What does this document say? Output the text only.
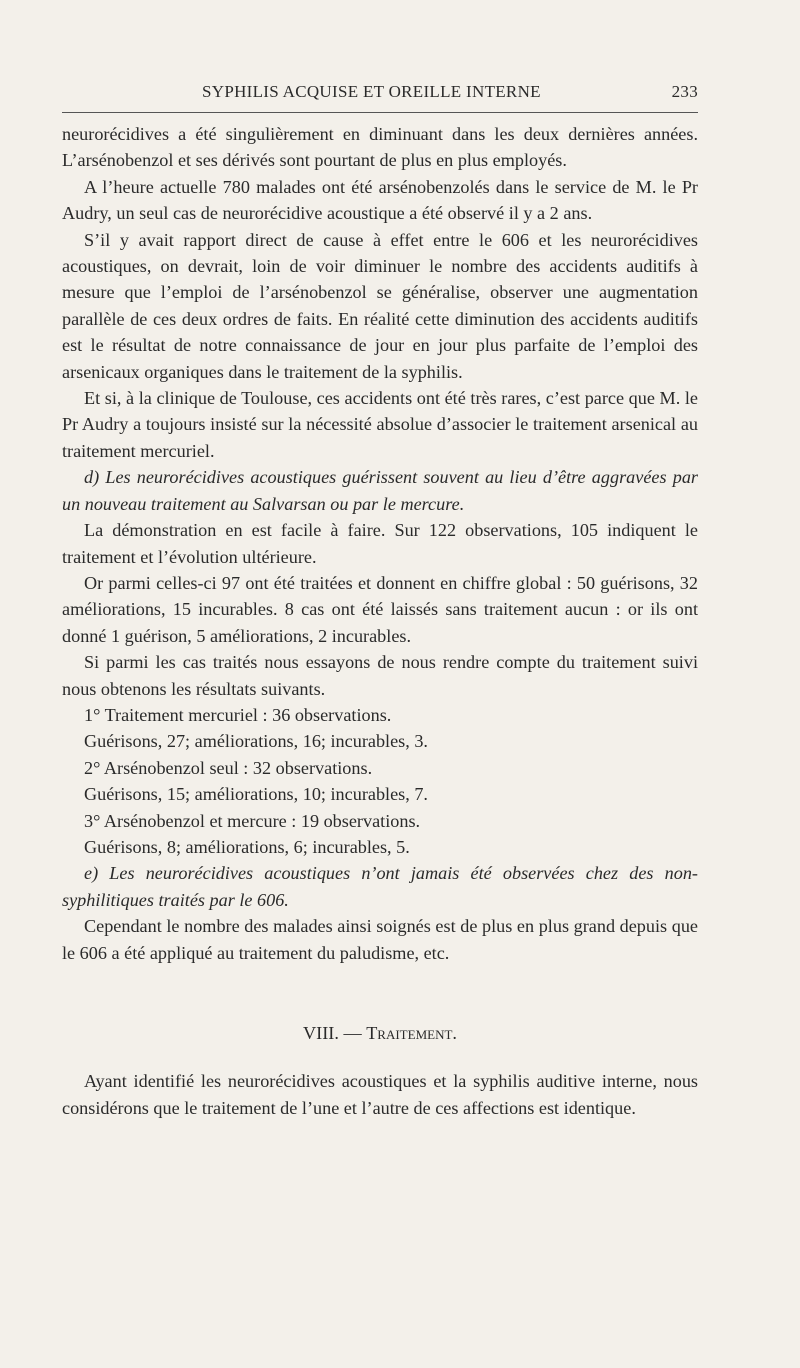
SYPHILIS ACQUISE ET OREILLE INTERNE	233

neurorécidives a été singulièrement en diminuant dans les deux dernières années. L’arsénobenzol et ses dérivés sont pourtant de plus en plus employés.

A l’heure actuelle 780 malades ont été arsénobenzolés dans le service de M. le Pr Audry, un seul cas de neurorécidive acoustique a été observé il y a 2 ans.

S’il y avait rapport direct de cause à effet entre le 606 et les neurorécidives acoustiques, on devrait, loin de voir diminuer le nombre des accidents auditifs à mesure que l’emploi de l’arsénobenzol se généralise, observer une augmentation parallèle de ces deux ordres de faits. En réalité cette diminution des accidents auditifs est le résultat de notre connaissance de jour en jour plus parfaite de l’emploi des arsenicaux organiques dans le traitement de la syphilis.

Et si, à la clinique de Toulouse, ces accidents ont été très rares, c’est parce que M. le Pr Audry a toujours insisté sur la nécessité absolue d’associer le traitement arsenical au traitement mercuriel.

d) Les neurorécidives acoustiques guérissent souvent au lieu d’être aggravées par un nouveau traitement au Salvarsan ou par le mercure.

La démonstration en est facile à faire. Sur 122 observations, 105 indiquent le traitement et l’évolution ultérieure.

Or parmi celles-ci 97 ont été traitées et donnent en chiffre global : 50 guérisons, 32 améliorations, 15 incurables. 8 cas ont été laissés sans traitement aucun : or ils ont donné 1 guérison, 5 améliorations, 2 incurables.

Si parmi les cas traités nous essayons de nous rendre compte du traitement suivi nous obtenons les résultats suivants.

1° Traitement mercuriel : 36 observations.

Guérisons, 27; améliorations, 16; incurables, 3.

2° Arsénobenzol seul : 32 observations.

Guérisons, 15; améliorations, 10; incurables, 7.

3° Arsénobenzol et mercure : 19 observations.

Guérisons, 8; améliorations, 6; incurables, 5.

e) Les neurorécidives acoustiques n’ont jamais été observées chez des non-syphilitiques traités par le 606.

Cependant le nombre des malades ainsi soignés est de plus en plus grand depuis que le 606 a été appliqué au traitement du paludisme, etc.

VIII. — Traitement.

Ayant identifié les neurorécidives acoustiques et la syphilis auditive interne, nous considérons que le traitement de l’une et l’autre de ces affections est identique.
